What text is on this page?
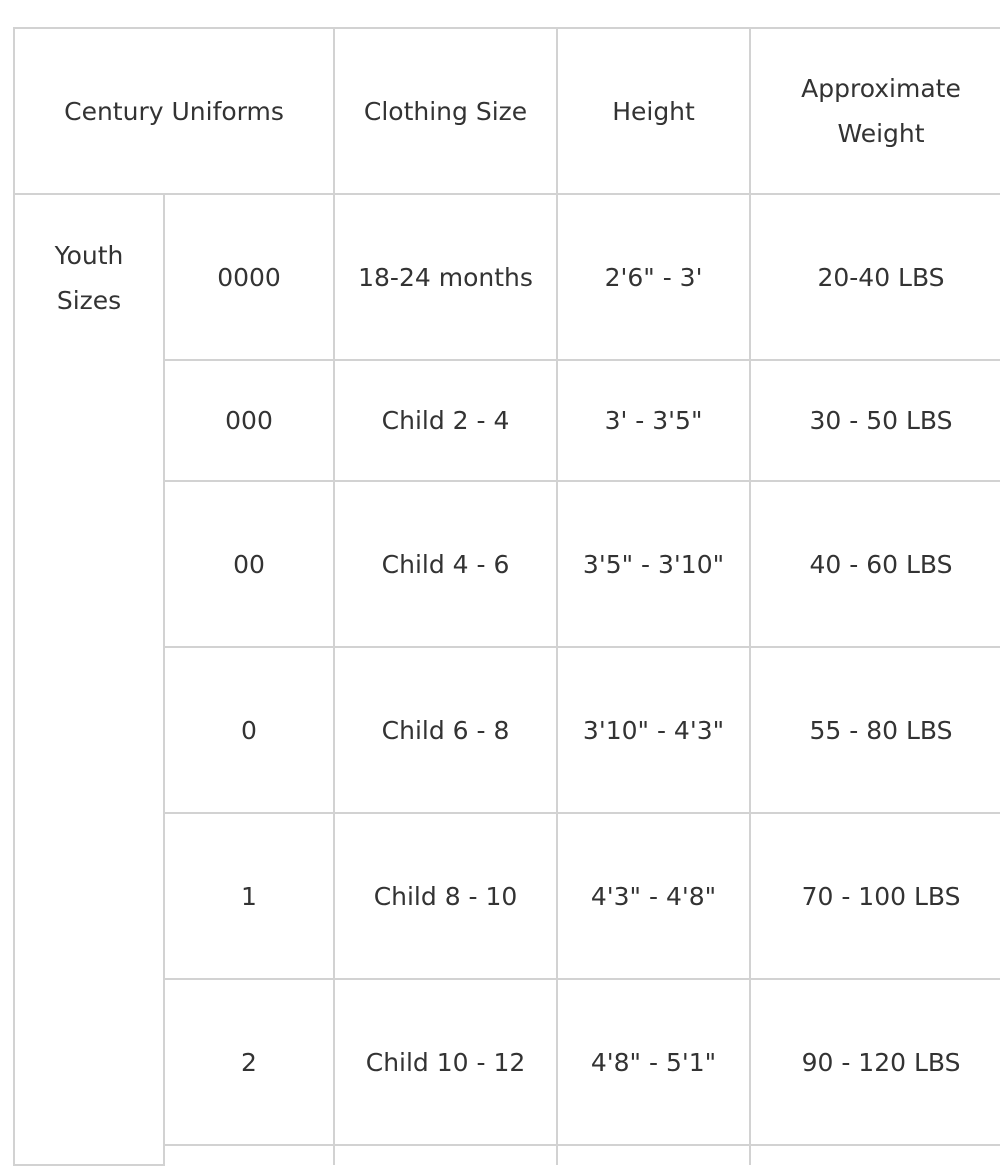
Century Uniforms		Clothing Size	Height	Approximate Weight

Youth Sizes	0000	18-24 months	2'6" - 3'	20-40 LBS

	000	Child 2 - 4	3' - 3'5"	30 - 50 LBS

	00	Child 4 - 6	3'5" - 3'10"	40 - 60 LBS

	0	Child 6 - 8	3'10" - 4'3"	55 - 80 LBS

	1	Child 8 - 10	4'3" - 4'8"	70 - 100 LBS

	2	Child 10 - 12	4'8" - 5'1"	90 - 120 LBS
